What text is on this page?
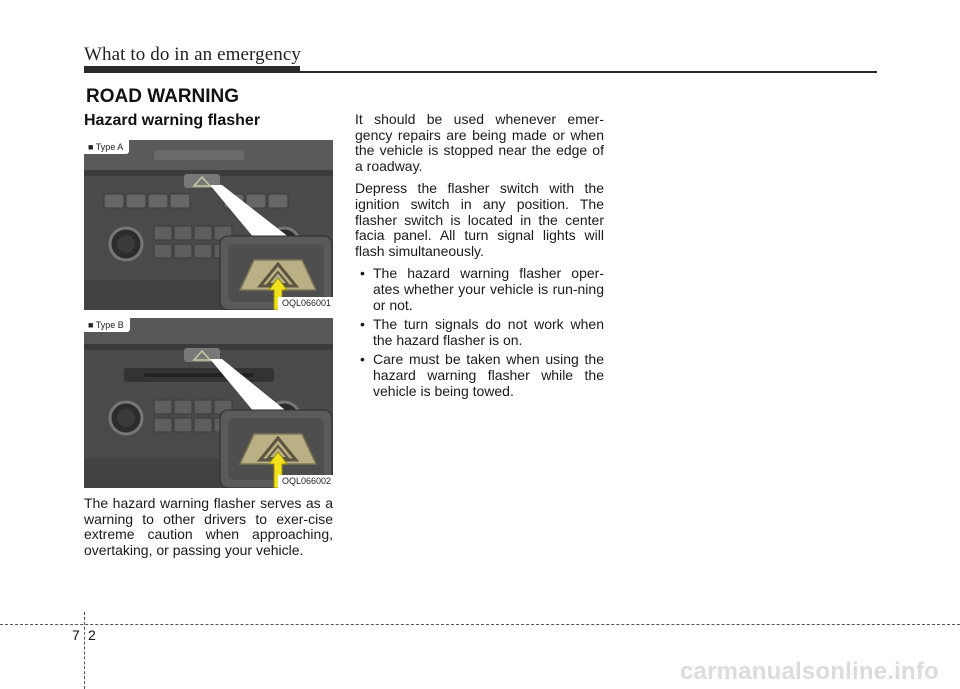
What to do in an emergency
ROAD WARNING
Hazard warning flasher
■ Type A
OQL066001
■ Type B
OQL066002

The hazard warning flasher serves as a warning to other drivers to exer-cise extreme caution when approaching, overtaking, or passing your vehicle.

It should be used whenever emer-gency repairs are being made or when the vehicle is stopped near the edge of a roadway.

Depress the flasher switch with the ignition switch in any position. The flasher switch is located in the center facia panel. All turn signal lights will flash simultaneously.

• The hazard warning flasher oper-ates whether your vehicle is run-ning or not.
• The turn signals do not work when the hazard flasher is on.
• Care must be taken when using the hazard warning flasher while the vehicle is being towed.
7 2
carmanualsonline.info
